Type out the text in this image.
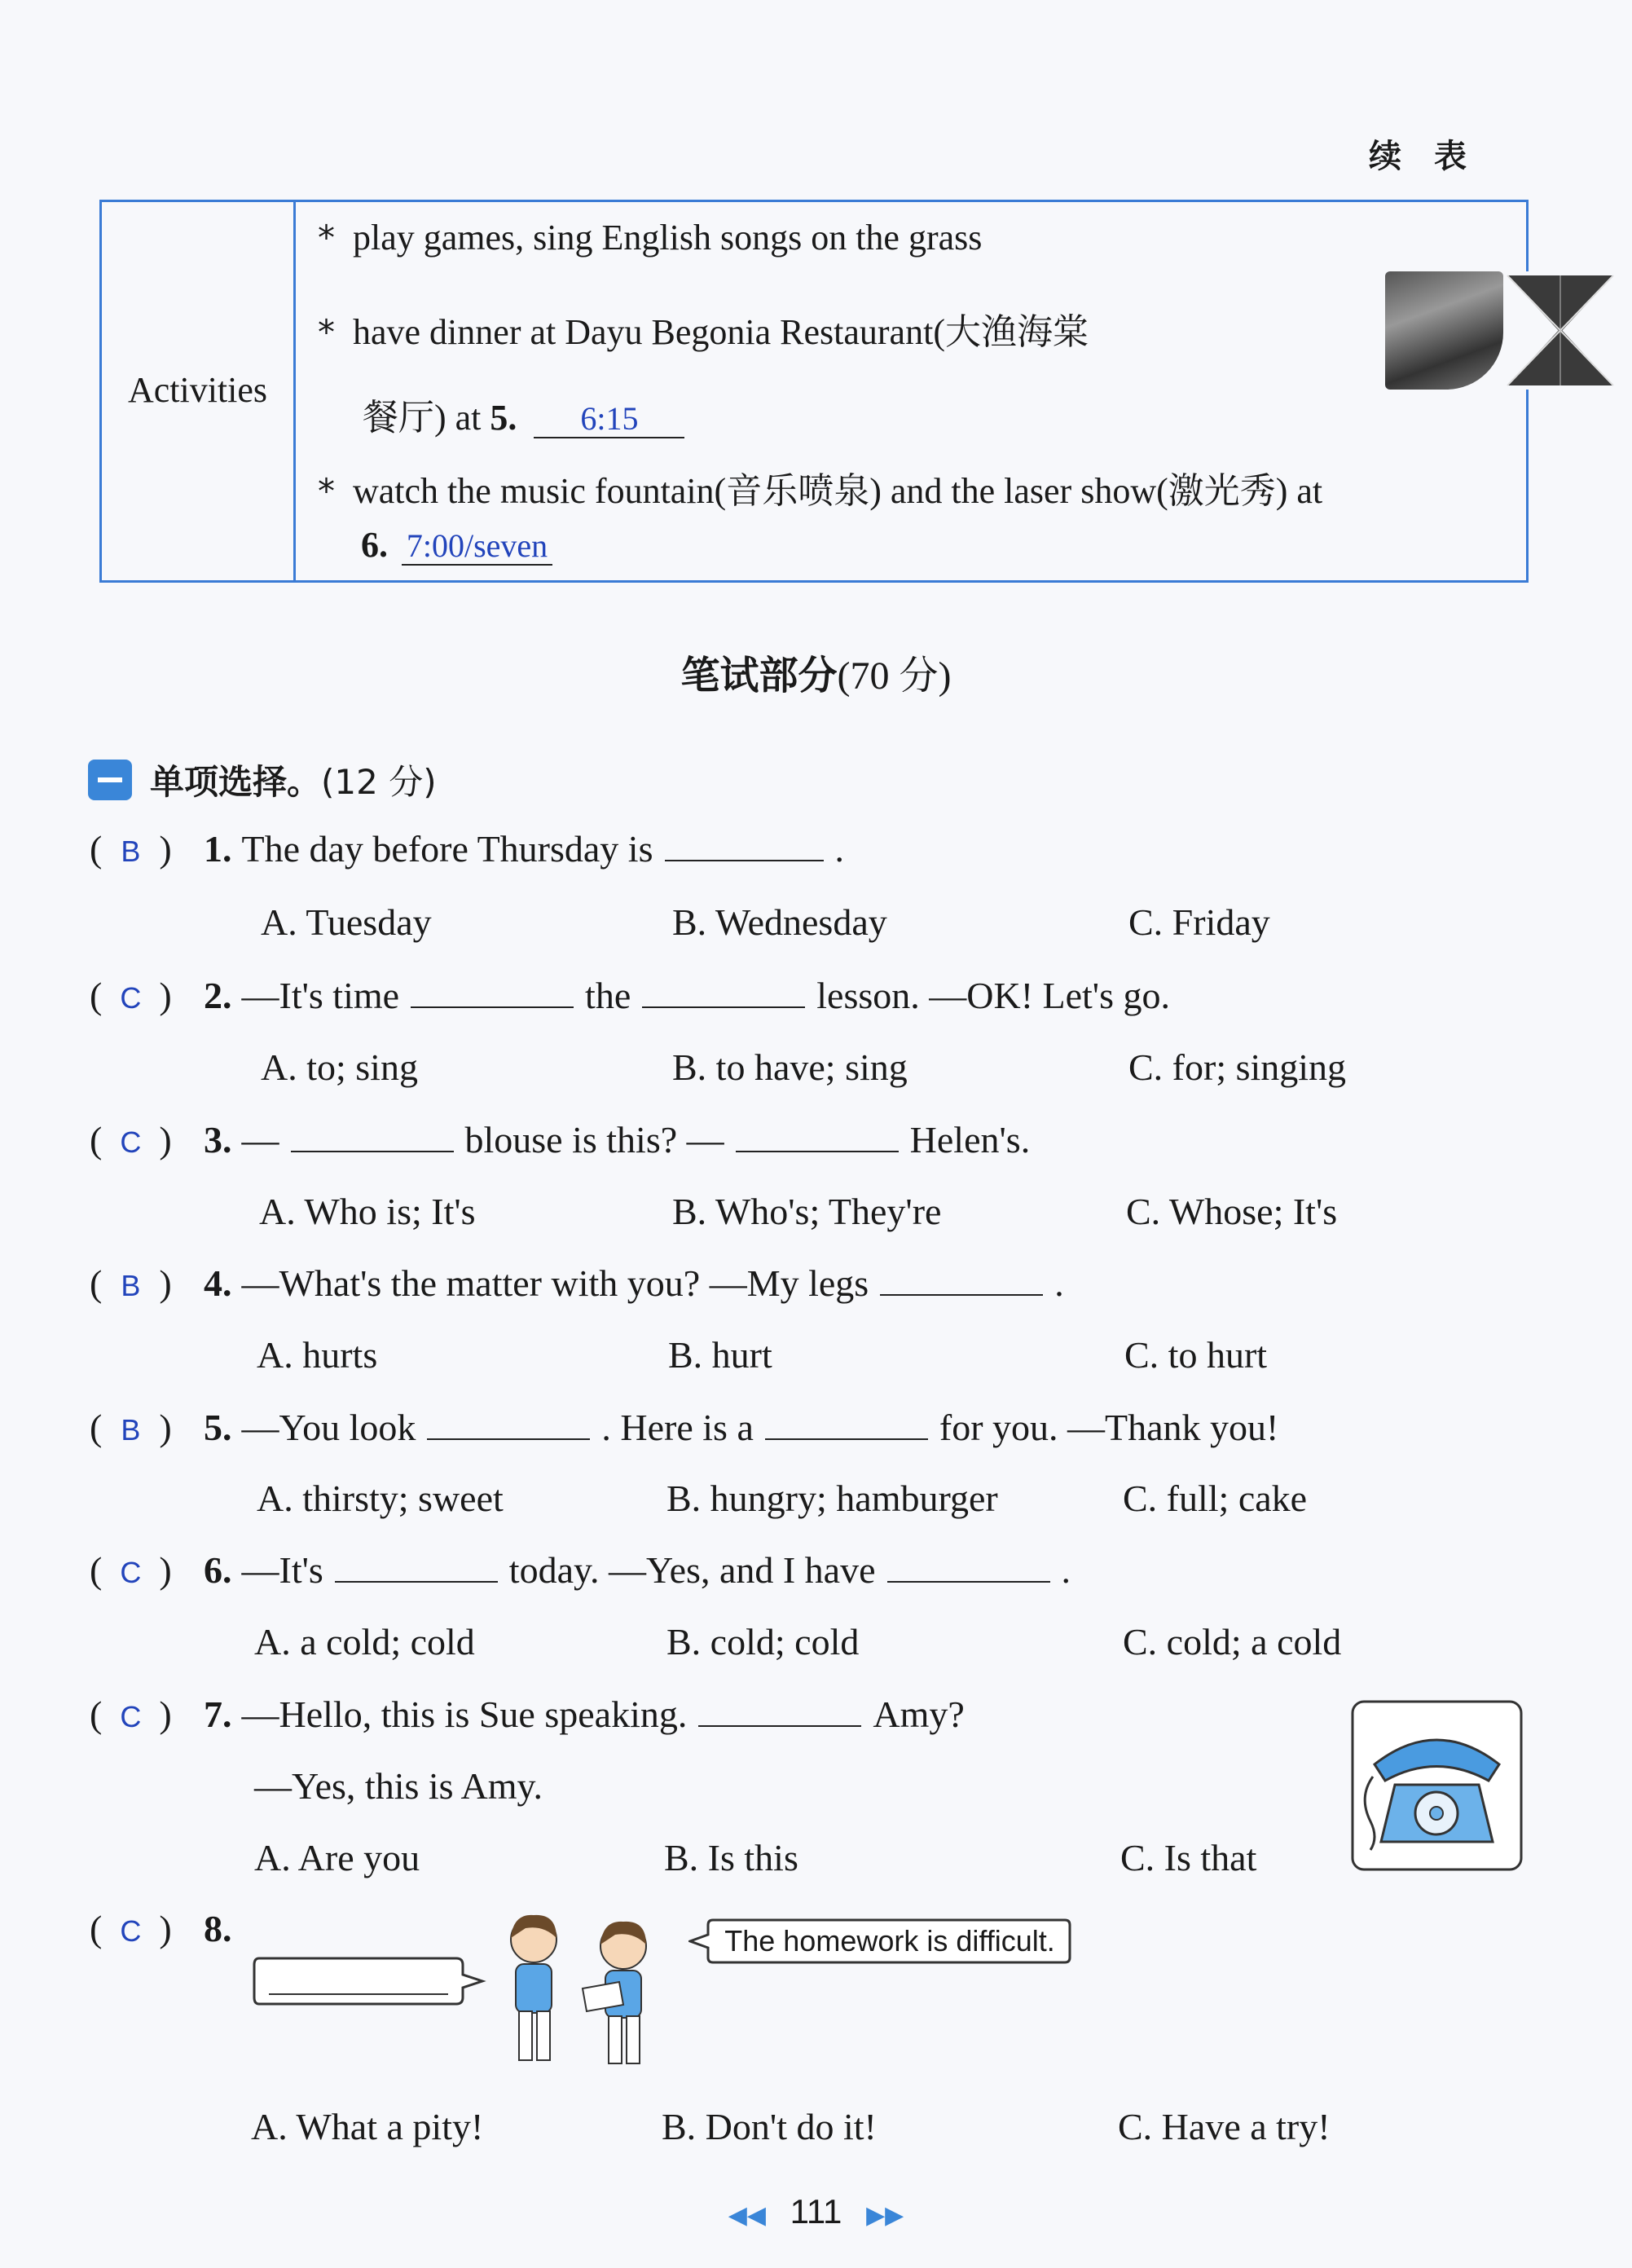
续表
Activities
* play games, sing English songs on the grass
* have dinner at Dayu Begonia Restaurant(大渔海棠
餐厅) at 5. 6:15
* watch the music fountain(音乐喷泉) and the laser show(激光秀) at
6. 7:00/seven
笔试部分(70 分)
单项选择。 (12 分)
( B ) 1. The day before Thursday is	.
A. Tuesday	B. Wednesday	C. Friday
( C ) 2. —It's time	the	lesson. —OK! Let's go.
A. to; sing	B. to have; sing	C. for; singing
( C ) 3. —	blouse is this? —	Helen's.
A. Who is; It's	B. Who's; They're	C. Whose; It's
( B ) 4. —What's the matter with you? —My legs	.
A. hurts	B. hurt	C. to hurt
( B ) 5. —You look	. Here is a	for you. —Thank you!
A. thirsty; sweet	B. hungry; hamburger	C. full; cake
( C ) 6. —It's	today. —Yes, and I have	.
A. a cold; cold	B. cold; cold	C. cold; a cold
( C ) 7. —Hello, this is Sue speaking.	Amy?
—Yes, this is Amy.
A. Are you	B. Is this	C. Is that
( C ) 8.	The homework is difficult.
A. What a pity!	B. Don't do it!	C. Have a try!
◀◀ 111 ▶▶
